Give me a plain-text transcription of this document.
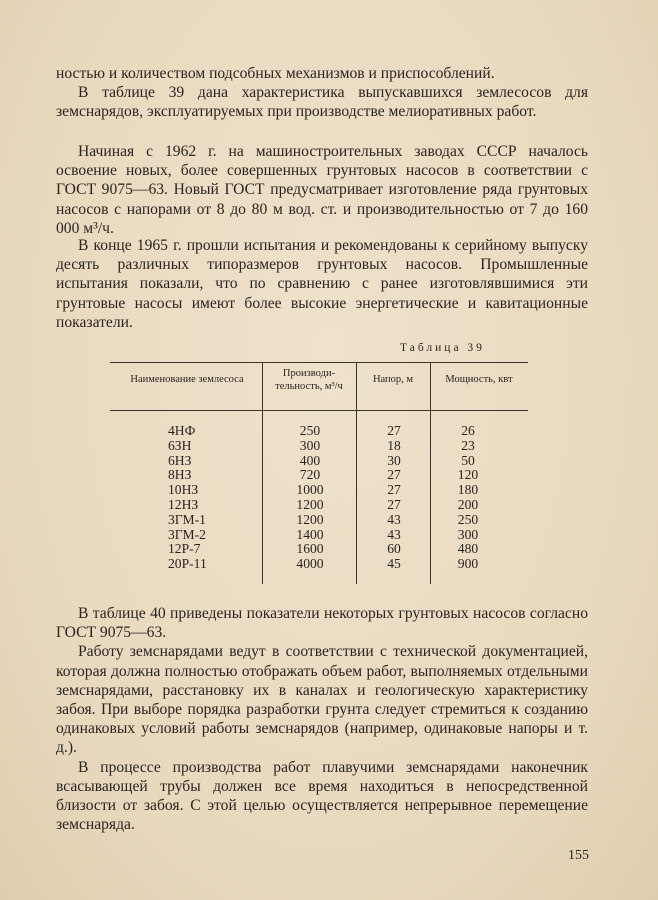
ностью и количеством подсобных механизмов и приспособлений.

В таблице 39 дана характеристика выпускавшихся землесосов для земснарядов, эксплуатируемых при производстве мелиоративных работ.

Начиная с 1962 г. на машиностроительных заводах СССР началось освоение новых, более совершенных грунтовых насосов в соответствии с ГОСТ 9075—63. Новый ГОСТ предусматривает изготовление ряда грунтовых насосов с напорами от 8 до 80 м вод. ст. и производительностью от 7 до 160 000 м³/ч.

В конце 1965 г. прошли испытания и рекомендованы к серийному выпуску десять различных типоразмеров грунтовых насосов. Промышленные испытания показали, что по сравнению с ранее изготовлявшимися эти грунтовые насосы имеют более высокие энергетические и кавитационные показатели.

Таблица 39
Наименование землесоса
Производи-тельность, м³/ч
Напор, м	Мощность, квт
4НФ
6ЗН
6НЗ
8НЗ
10НЗ
12НЗ
3ГМ-1
3ГМ-2
12Р-7
20Р-11
250
300
400
720
1000
1200
1200
1400
1600
4000
27
18
30
27
27
27
43
43
60
45
26
23
50
120
180
200
250
300
480
900

В таблице 40 приведены показатели некоторых грунтовых насосов согласно ГОСТ 9075—63.

Работу земснарядами ведут в соответствии с технической документацией, которая должна полностью отображать объем работ, выполняемых отдельными земснарядами, расстановку их в каналах и геологическую характеристику забоя. При выборе порядка разработки грунта следует стремиться к созданию одинаковых условий работы земснарядов (например, одинаковые напоры и т. д.).

В процессе производства работ плавучими земснарядами наконечник всасывающей трубы должен все время находиться в непосредственной близости от забоя. С этой целью осуществляется непрерывное перемещение земснаряда.

155
